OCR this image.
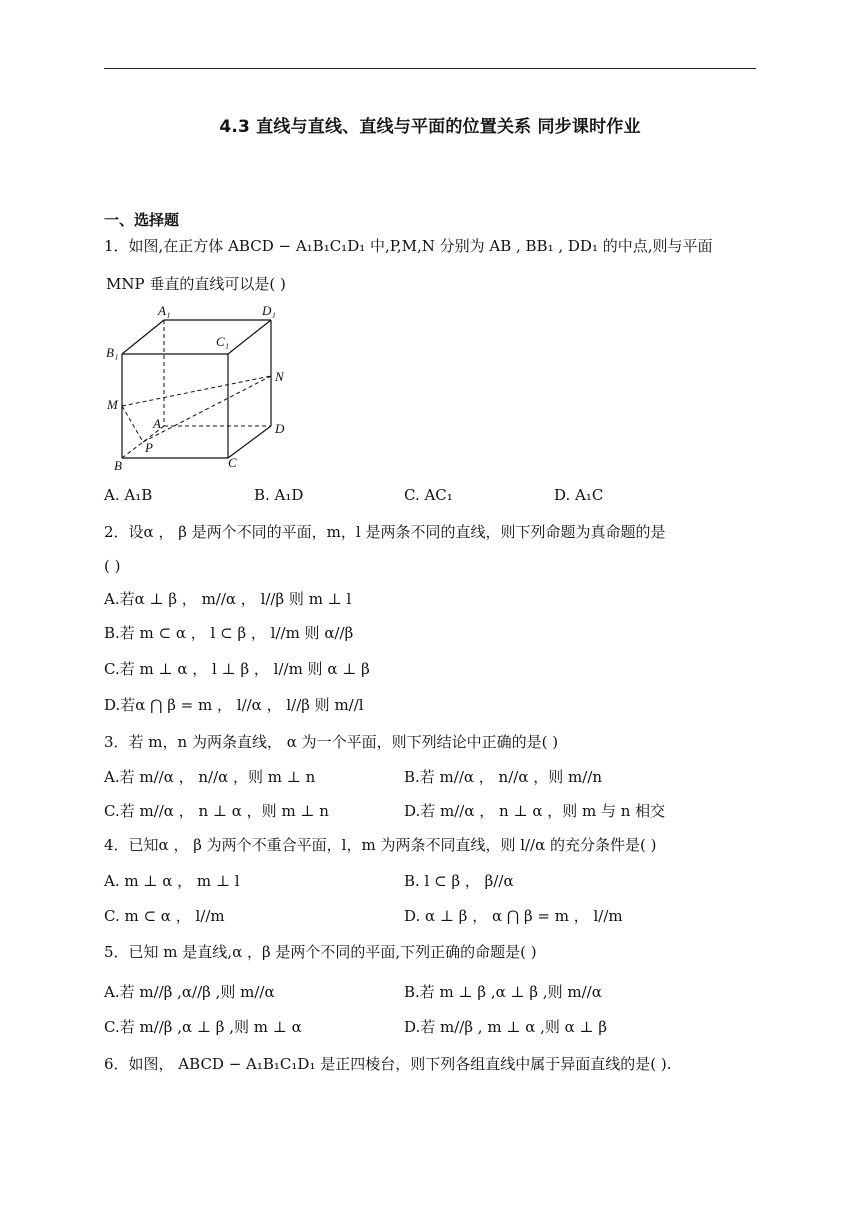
4.3 直线与直线、直线与平面的位置关系 同步课时作业
一、选择题
1．如图,在正方体 ABCD − A₁B₁C₁D₁ 中,P,M,N 分别为 AB , BB₁ , DD₁ 的中点,则与平面
MNP 垂直的直线可以是( )
A₁	D₁
B₁
C₁
N
M
A	D
P
B	C
A. A₁B	B. A₁D	C. AC₁	D. A₁C
2．设α ， β 是两个不同的平面，m，l 是两条不同的直线，则下列命题为真命题的是
( )
A.若α ⊥ β ， m//α ， l//β 则 m ⊥ l
B.若 m ⊂ α ， l ⊂ β ， l//m 则 α//β
C.若 m ⊥ α ， l ⊥ β ， l//m 则 α ⊥ β
D.若α ⋂ β = m ， l//α ， l//β 则 m//l
3．若 m，n 为两条直线， α 为一个平面，则下列结论中正确的是( )
A.若 m//α ， n//α ，则 m ⊥ n	B.若 m//α ， n//α ，则 m//n
C.若 m//α ， n ⊥ α ，则 m ⊥ n	D.若 m//α ， n ⊥ α ，则 m 与 n 相交
4．已知α ， β 为两个不重合平面，l，m 为两条不同直线，则 l//α 的充分条件是( )
A. m ⊥ α ， m ⊥ l	B. l ⊂ β ， β//α
C. m ⊂ α ， l//m	D. α ⊥ β ， α ⋂ β = m ， l//m
5．已知 m 是直线,α ，β 是两个不同的平面,下列正确的命题是( )
A.若 m//β ,α//β ,则 m//α	B.若 m ⊥ β ,α ⊥ β ,则 m//α
C.若 m//β ,α ⊥ β ,则 m ⊥ α	D.若 m//β , m ⊥ α ,则 α ⊥ β
6．如图， ABCD − A₁B₁C₁D₁ 是正四棱台，则下列各组直线中属于异面直线的是( ).
